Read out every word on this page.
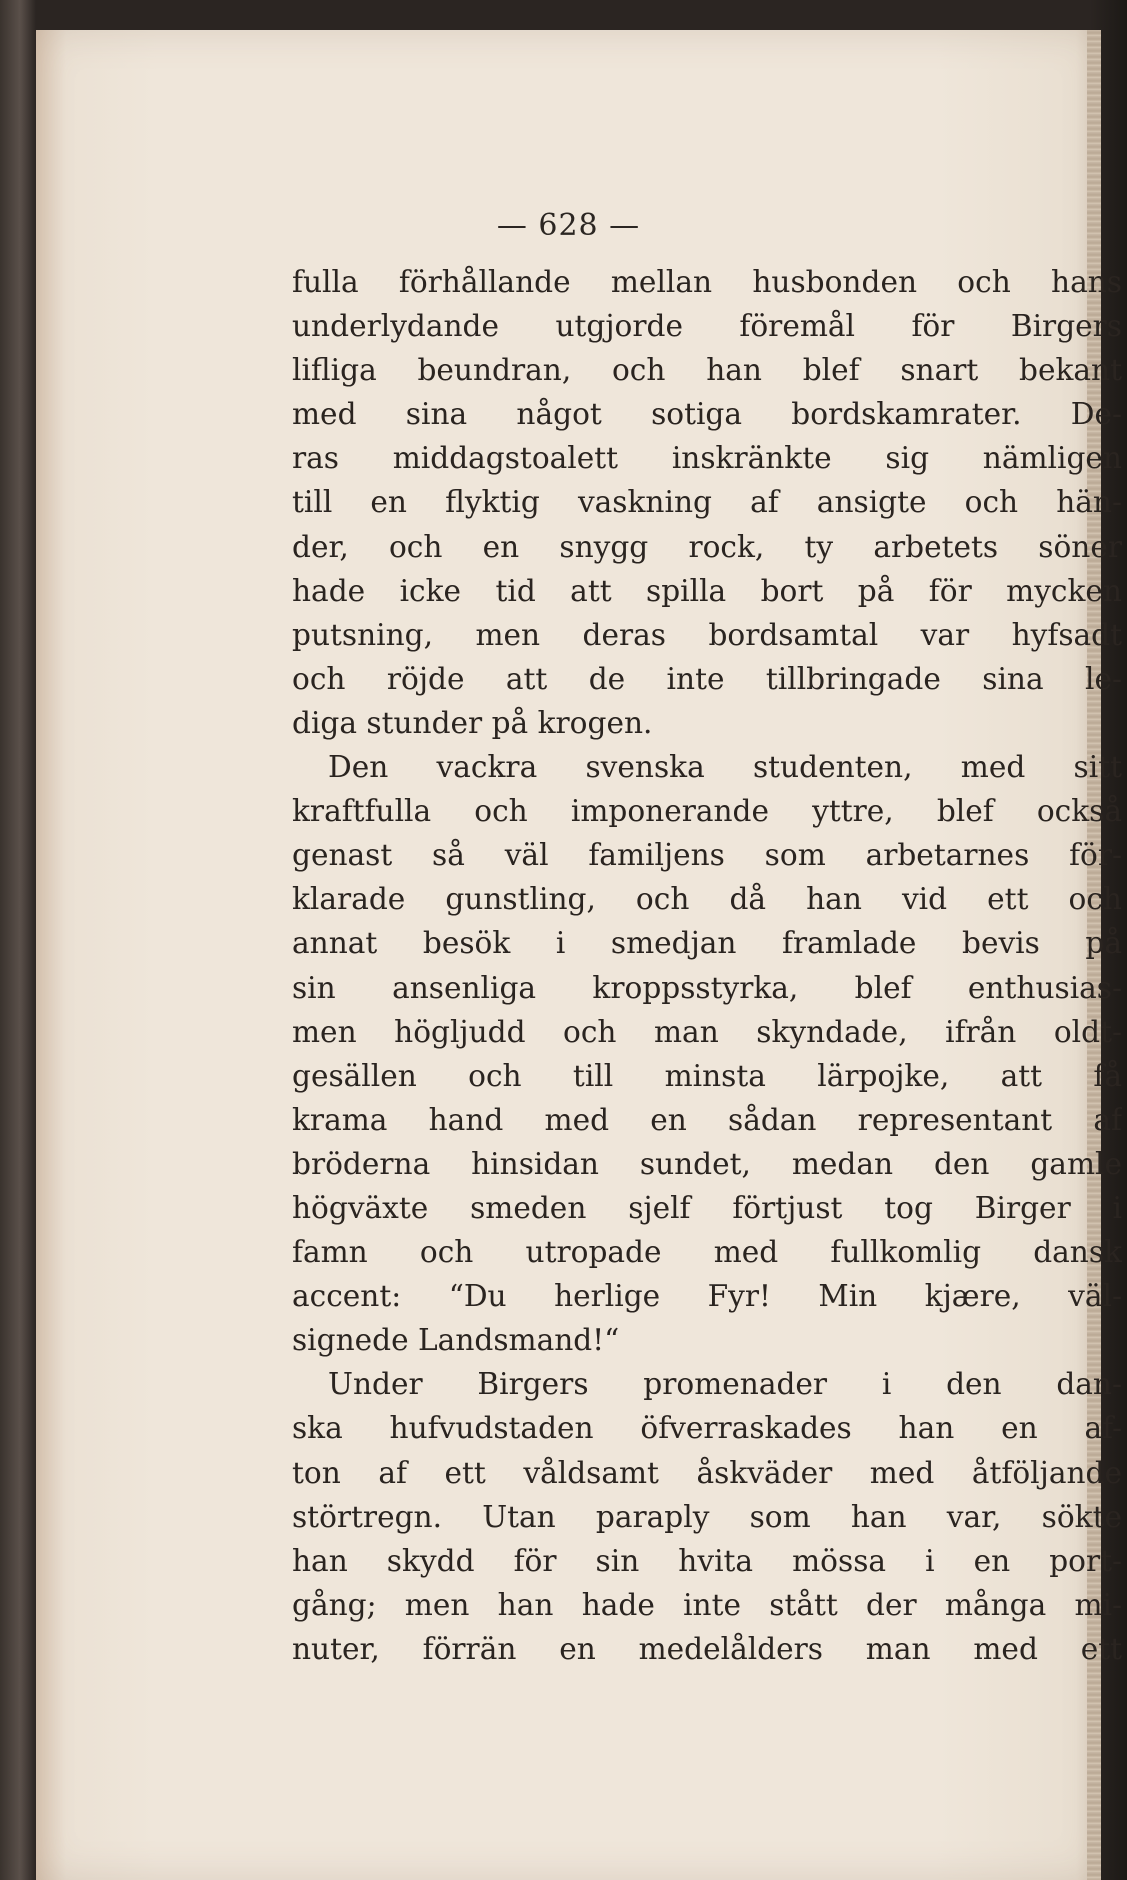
— 628 —
fulla förhållande mellan husbonden och hans
underlydande utgjorde föremål för Birgers
lifliga beundran, och han blef snart bekant
med sina något sotiga bordskamrater. De-
ras middagstoalett inskränkte sig nämligen
till en flyktig vaskning af ansigte och hän-
der, och en snygg rock, ty arbetets söner
hade icke tid att spilla bort på för mycken
putsning, men deras bordsamtal var hyfsadt
och röjde att de inte tillbringade sina le-
diga stunder på krogen.
Den vackra svenska studenten, med sitt
kraftfulla och imponerande yttre, blef också
genast så väl familjens som arbetarnes för-
klarade gunstling, och då han vid ett och
annat besök i smedjan framlade bevis på
sin ansenliga kroppsstyrka, blef enthusias-
men högljudd och man skyndade, ifrån oldt-
gesällen och till minsta lärpojke, att få
krama hand med en sådan representant af
bröderna hinsidan sundet, medan den gamle
högväxte smeden sjelf förtjust tog Birger i
famn och utropade med fullkomlig dansk
accent: “Du herlige Fyr! Min kjære, väl-
signede Landsmand!“
Under Birgers promenader i den dan-
ska hufvudstaden öfverraskades han en af-
ton af ett våldsamt åskväder med åtföljande
störtregn. Utan paraply som han var, sökte
han skydd för sin hvita mössa i en port-
gång; men han hade inte stått der många mi-
nuter, förrän en medelålders man med ett
